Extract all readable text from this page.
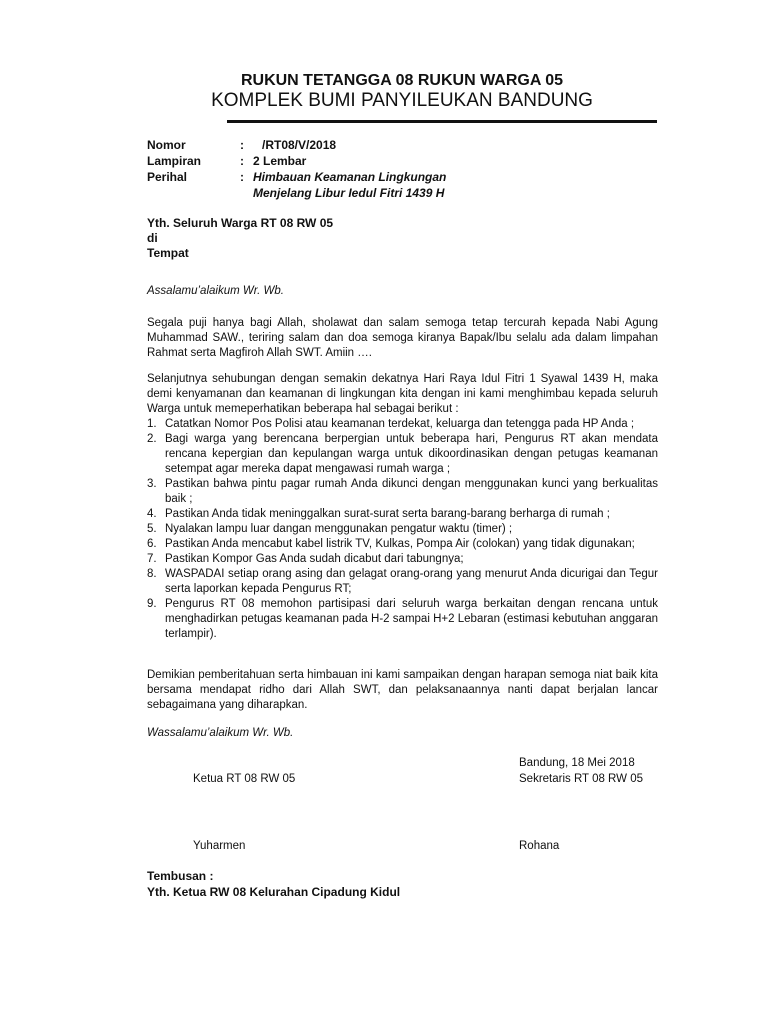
RUKUN TETANGGA 08 RUKUN WARGA 05
KOMPLEK BUMI PANYILEUKAN BANDUNG
Nomor	: /RT08/V/2018
Lampiran	: 2 Lembar
Perihal	: Himbauan Keamanan Lingkungan
Menjelang Libur Iedul Fitri 1439 H
Yth. Seluruh Warga RT 08 RW 05
di
Tempat
Assalamu’alaikum Wr. Wb.
Segala puji hanya bagi Allah, sholawat dan salam semoga tetap tercurah kepada Nabi Agung Muhammad SAW., teriring salam dan doa semoga kiranya Bapak/Ibu selalu ada dalam limpahan Rahmat serta Magfiroh Allah SWT. Amiin ….
Selanjutnya sehubungan dengan semakin dekatnya Hari Raya Idul Fitri 1 Syawal 1439 H, maka demi kenyamanan dan keamanan di lingkungan kita dengan ini kami menghimbau kepada seluruh Warga untuk memeperhatikan beberapa hal sebagai berikut :
1. Catatkan Nomor Pos Polisi atau keamanan terdekat, keluarga dan tetengga pada HP Anda ;
2. Bagi warga yang berencana berpergian untuk beberapa hari, Pengurus RT akan mendata rencana kepergian dan kepulangan warga untuk dikoordinasikan dengan petugas keamanan setempat agar mereka dapat mengawasi rumah warga ;
3. Pastikan bahwa pintu pagar rumah Anda dikunci dengan menggunakan kunci yang berkualitas baik ;
4. Pastikan Anda tidak meninggalkan surat-surat serta barang-barang berharga di rumah ;
5. Nyalakan lampu luar dangan menggunakan pengatur waktu (timer) ;
6. Pastikan Anda mencabut kabel listrik TV, Kulkas, Pompa Air (colokan) yang tidak digunakan;
7. Pastikan Kompor Gas Anda sudah dicabut dari tabungnya;
8. WASPADAI setiap orang asing dan gelagat orang-orang yang menurut Anda dicurigai dan Tegur serta laporkan kepada Pengurus RT;
9. Pengurus RT 08 memohon partisipasi dari seluruh warga berkaitan dengan rencana untuk menghadirkan petugas keamanan pada H-2 sampai H+2 Lebaran (estimasi kebutuhan anggaran terlampir).
Demikian pemberitahuan serta himbauan ini kami sampaikan dengan harapan semoga niat baik kita bersama mendapat ridho dari Allah SWT, dan pelaksanaannya nanti dapat berjalan lancar sebagaimana yang diharapkan.
Wassalamu’alaikum Wr. Wb.
Bandung, 18 Mei 2018
Ketua RT 08 RW 05	Sekretaris RT 08 RW 05
Yuharmen	Rohana
Tembusan :
Yth. Ketua RW 08 Kelurahan Cipadung Kidul
